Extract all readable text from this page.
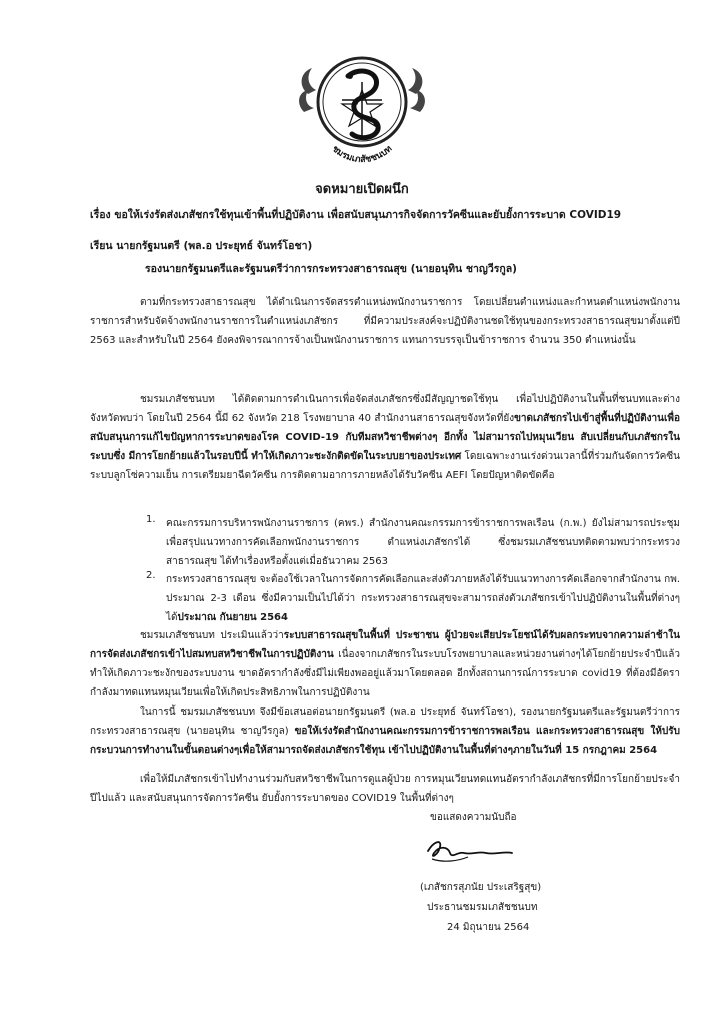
ชมรมเภสัชชนบท
จดหมายเปิดผนึก
เรื่อง ขอให้เร่งรัดส่งเภสัชกรใช้ทุนเข้าพื้นที่ปฏิบัติงาน เพื่อสนับสนุนภารกิจจัดการวัคซีนและยับยั้งการระบาด COVID19
เรียน นายกรัฐมนตรี (พล.อ ประยุทธ์ จันทร์โอชา)
รองนายกรัฐมนตรีและรัฐมนตรีว่าการกระทรวงสาธารณสุข (นายอนุทิน ชาญวีรกูล)

ตามที่กระทรวงสาธารณสุข ได้ดำเนินการจัดสรรตำแหน่งพนักงานราชการ โดยเปลี่ยนตำแหน่งและกำหนดตำแหน่งพนักงานราชการสำหรับจัดจ้างพนักงานราชการในตำแหน่งเภสัชกร ที่มีความประสงค์จะปฏิบัติงานชดใช้ทุนของกระทรวงสาธารณสุขมาตั้งแต่ปี 2563 และสำหรับในปี 2564 ยังคงพิจารณาการจ้างเป็นพนักงานราชการ แทนการบรรจุเป็นข้าราชการ จำนวน 350 ตำแหน่งนั้น

ชมรมเภสัชชนบท ได้ติดตามการดำเนินการเพื่อจัดส่งเภสัชกรซึ่งมีสัญญาชดใช้ทุน เพื่อไปปฏิบัติงานในพื้นที่ชนบทและต่างจังหวัดพบว่า โดยในปี 2564 นี้มี 62 จังหวัด 218 โรงพยาบาล 40 สำนักงานสาธารณสุขจังหวัดที่ยังขาดเภสัชกรไปเข้าสู่พื้นที่ปฏิบัติงานเพื่อสนับสนุนการแก้ไขปัญหาการระบาดของโรค COVID-19 กับทีมสหวิชาชีพต่างๆ อีกทั้ง ไม่สามารถไปหมุนเวียน สับเปลี่ยนกับเภสัชกรในระบบซึ่ง มีการโยกย้ายแล้วในรอบปีนี้ ทำให้เกิดภาวะชะงักติดขัดในระบบยาของประเทศ โดยเฉพาะงานเร่งด่วนเวลานี้ที่ร่วมกันจัดการวัคซีน ระบบลูกโซ่ความเย็น การเตรียมยาฉีดวัคซีน การติดตามอาการภายหลังได้รับวัคซีน AEFI โดยปัญหาติดขัดคือ

1. คณะกรรมการบริหารพนักงานราชการ (คพร.) สำนักงานคณะกรรมการข้าราชการพลเรือน (ก.พ.) ยังไม่สามารถประชุม เพื่อสรุปแนวทางการคัดเลือกพนักงานราชการ ตำแหน่งเภสัชกรได้ ซึ่งชมรมเภสัชชนบทติดตามพบว่ากระทรวงสาธารณสุข ได้ทำเรื่องหรือตั้งแต่เมื่อธันวาคม 2563

2. กระทรวงสาธารณสุข จะต้องใช้เวลาในการจัดการคัดเลือกและส่งตัวภายหลังได้รับแนวทางการคัดเลือกจากสำนักงาน กพ. ประมาณ 2-3 เดือน ซึ่งมีความเป็นไปได้ว่า กระทรวงสาธารณสุขจะสามารถส่งตัวเภสัชกรเข้าไปปฏิบัติงานในพื้นที่ต่างๆได้ประมาณ กันยายน 2564

ชมรมเภสัชชนบท ประเมินแล้วว่าระบบสาธารณสุขในพื้นที่ ประชาชน ผู้ป่วยจะเสียประโยชน์ได้รับผลกระทบจากความล่าช้าในการจัดส่งเภสัชกรเข้าไปสมทบสหวิชาชีพในการปฏิบัติงาน เนื่องจากเภสัชกรในระบบโรงพยาบาลและหน่วยงานต่างๆได้โยกย้ายประจำปีแล้ว ทำให้เกิดภาวะชะงักของระบบงาน ขาดอัตรากำลังซึ่งมีไม่เพียงพออยู่แล้วมาโดยตลอด อีกทั้งสถานการณ์การระบาด covid19 ที่ต้องมีอัตรากำลังมาทดแทนหมุนเวียนเพื่อให้เกิดประสิทธิภาพในการปฏิบัติงาน

ในการนี้ ชมรมเภสัชชนบท จึงมีข้อเสนอต่อนายกรัฐมนตรี (พล.อ ประยุทธ์ จันทร์โอชา), รองนายกรัฐมนตรีและรัฐมนตรีว่าการกระทรวงสาธารณสุข (นายอนุทิน ชาญวีรกูล) ขอให้เร่งรัดสำนักงานคณะกรรมการข้าราชการพลเรือน และกระทรวงสาธารณสุข ให้ปรับกระบวนการทำงานในขั้นตอนต่างๆเพื่อให้สามารถจัดส่งเภสัชกรใช้ทุน เข้าไปปฏิบัติงานในพื้นที่ต่างๆภายในวันที่ 15 กรกฎาคม 2564

เพื่อให้มีเภสัชกรเข้าไปทำงานร่วมกับสหวิชาชีพในการดูแลผู้ป่วย การหมุนเวียนทดแทนอัตรากำลังเภสัชกรที่มีการโยกย้ายประจำปีไปแล้ว และสนับสนุนการจัดการวัคซีน ยับยั้งการระบาดของ COVID19 ในพื้นที่ต่างๆ

ขอแสดงความนับถือ
(เภสัชกรสุภนัย ประเสริฐสุข)
ประธานชมรมเภสัชชนบท
24 มิถุนายน 2564
